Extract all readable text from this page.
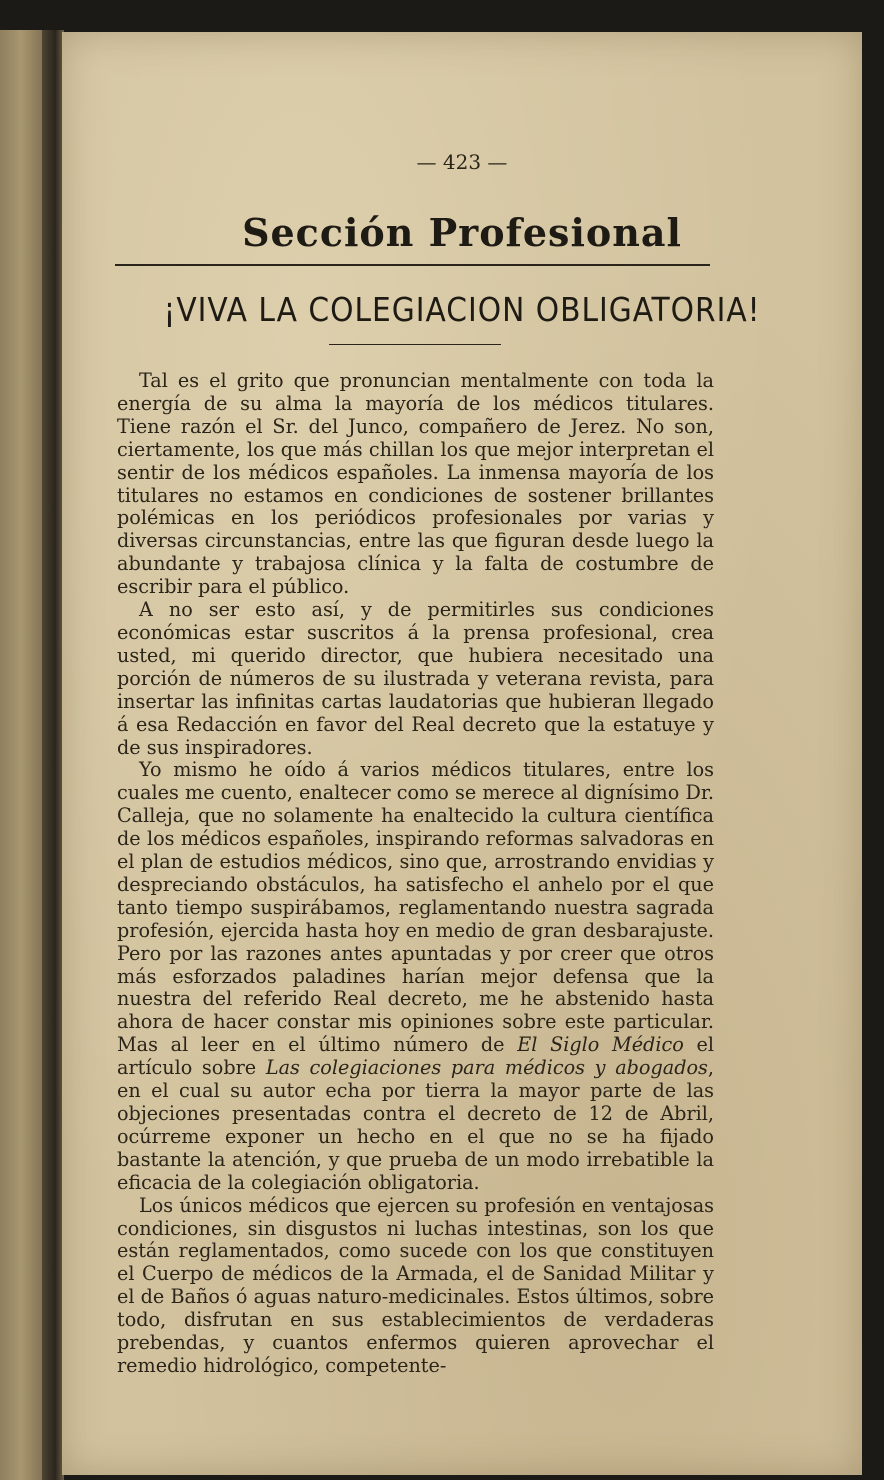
— 423 —
Sección Profesional
¡VIVA LA COLEGIACION OBLIGATORIA!

Tal es el grito que pronuncian mentalmente con toda la energía de su alma la mayoría de los médicos titulares. Tiene razón el Sr. del Junco, compañero de Jerez. No son, ciertamente, los que más chillan los que mejor interpretan el sentir de los médicos españoles. La inmensa mayoría de los titulares no estamos en condiciones de sostener brillantes polémicas en los periódicos profesionales por varias y diversas circunstancias, entre las que figuran desde luego la abundante y trabajosa clínica y la falta de costumbre de escribir para el público.

A no ser esto así, y de permitirles sus condiciones económicas estar suscritos á la prensa profesional, crea usted, mi querido director, que hubiera necesitado una porción de números de su ilustrada y veterana revista, para insertar las infinitas cartas laudatorias que hubieran llegado á esa Redacción en favor del Real decreto que la estatuye y de sus inspiradores.

Yo mismo he oído á varios médicos titulares, entre los cuales me cuento, enaltecer como se merece al dignísimo Dr. Calleja, que no solamente ha enaltecido la cultura científica de los médicos españoles, inspirando reformas salvadoras en el plan de estudios médicos, sino que, arrostrando envidias y despreciando obstáculos, ha satisfecho el anhelo por el que tanto tiempo suspirábamos, reglamentando nuestra sagrada profesión, ejercida hasta hoy en medio de gran desbarajuste. Pero por las razones antes apuntadas y por creer que otros más esforzados paladines harían mejor defensa que la nuestra del referido Real decreto, me he abstenido hasta ahora de hacer constar mis opiniones sobre este particular. Mas al leer en el último número de El Siglo Médico el artículo sobre Las colegiaciones para médicos y abogados, en el cual su autor echa por tierra la mayor parte de las objeciones presentadas contra el decreto de 12 de Abril, ocúrreme exponer un hecho en el que no se ha fijado bastante la atención, y que prueba de un modo irrebatible la eficacia de la colegiación obligatoria.

Los únicos médicos que ejercen su profesión en ventajosas condiciones, sin disgustos ni luchas intestinas, son los que están reglamentados, como sucede con los que constituyen el Cuerpo de médicos de la Armada, el de Sanidad Militar y el de Baños ó aguas naturo-medicinales. Estos últimos, sobre todo, disfrutan en sus establecimientos de verdaderas prebendas, y cuantos enfermos quieren aprovechar el remedio hidrológico, competente-
